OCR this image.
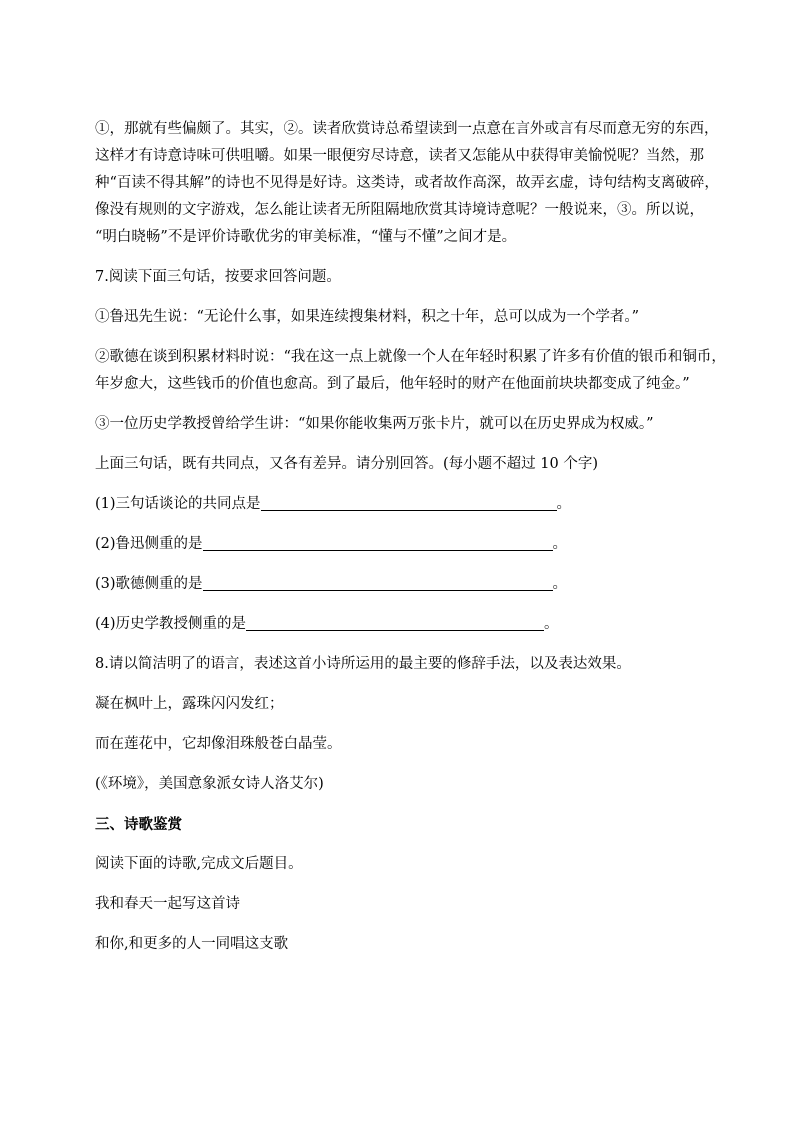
①，那就有些偏颇了。其实，②。读者欣赏诗总希望读到一点意在言外或言有尽而意无穷的东西，

这样才有诗意诗味可供咀嚼。如果一眼便穷尽诗意，读者又怎能从中获得审美愉悦呢？当然，那

种“百读不得其解”的诗也不见得是好诗。这类诗，或者故作高深，故弄玄虚，诗句结构支离破碎，

像没有规则的文字游戏，怎么能让读者无所阻隔地欣赏其诗境诗意呢？一般说来，③。所以说，

“明白晓畅”不是评价诗歌优劣的审美标准，“懂与不懂”之间才是。

7.阅读下面三句话，按要求回答问题。

①鲁迅先生说：“无论什么事，如果连续搜集材料，积之十年，总可以成为一个学者。”

②歌德在谈到积累材料时说：“我在这一点上就像一个人在年轻时积累了许多有价值的银币和铜币，

年岁愈大，这些钱币的价值也愈高。到了最后，他年轻时的财产在他面前块块都变成了纯金。”

③一位历史学教授曾给学生讲：“如果你能收集两万张卡片，就可以在历史界成为权威。”

上面三句话，既有共同点，又各有差异。请分别回答。(每小题不超过 10 个字)

(1)三句话谈论的共同点是	。

(2)鲁迅侧重的是	。

(3)歌德侧重的是	。

(4)历史学教授侧重的是	。

8.请以简洁明了的语言，表述这首小诗所运用的最主要的修辞手法，以及表达效果。

凝在枫叶上，露珠闪闪发红；

而在莲花中，它却像泪珠般苍白晶莹。

(《环境》，美国意象派女诗人洛艾尔)

三、诗歌鉴赏

阅读下面的诗歌,完成文后题目。

我和春天一起写这首诗

和你,和更多的人一同唱这支歌
